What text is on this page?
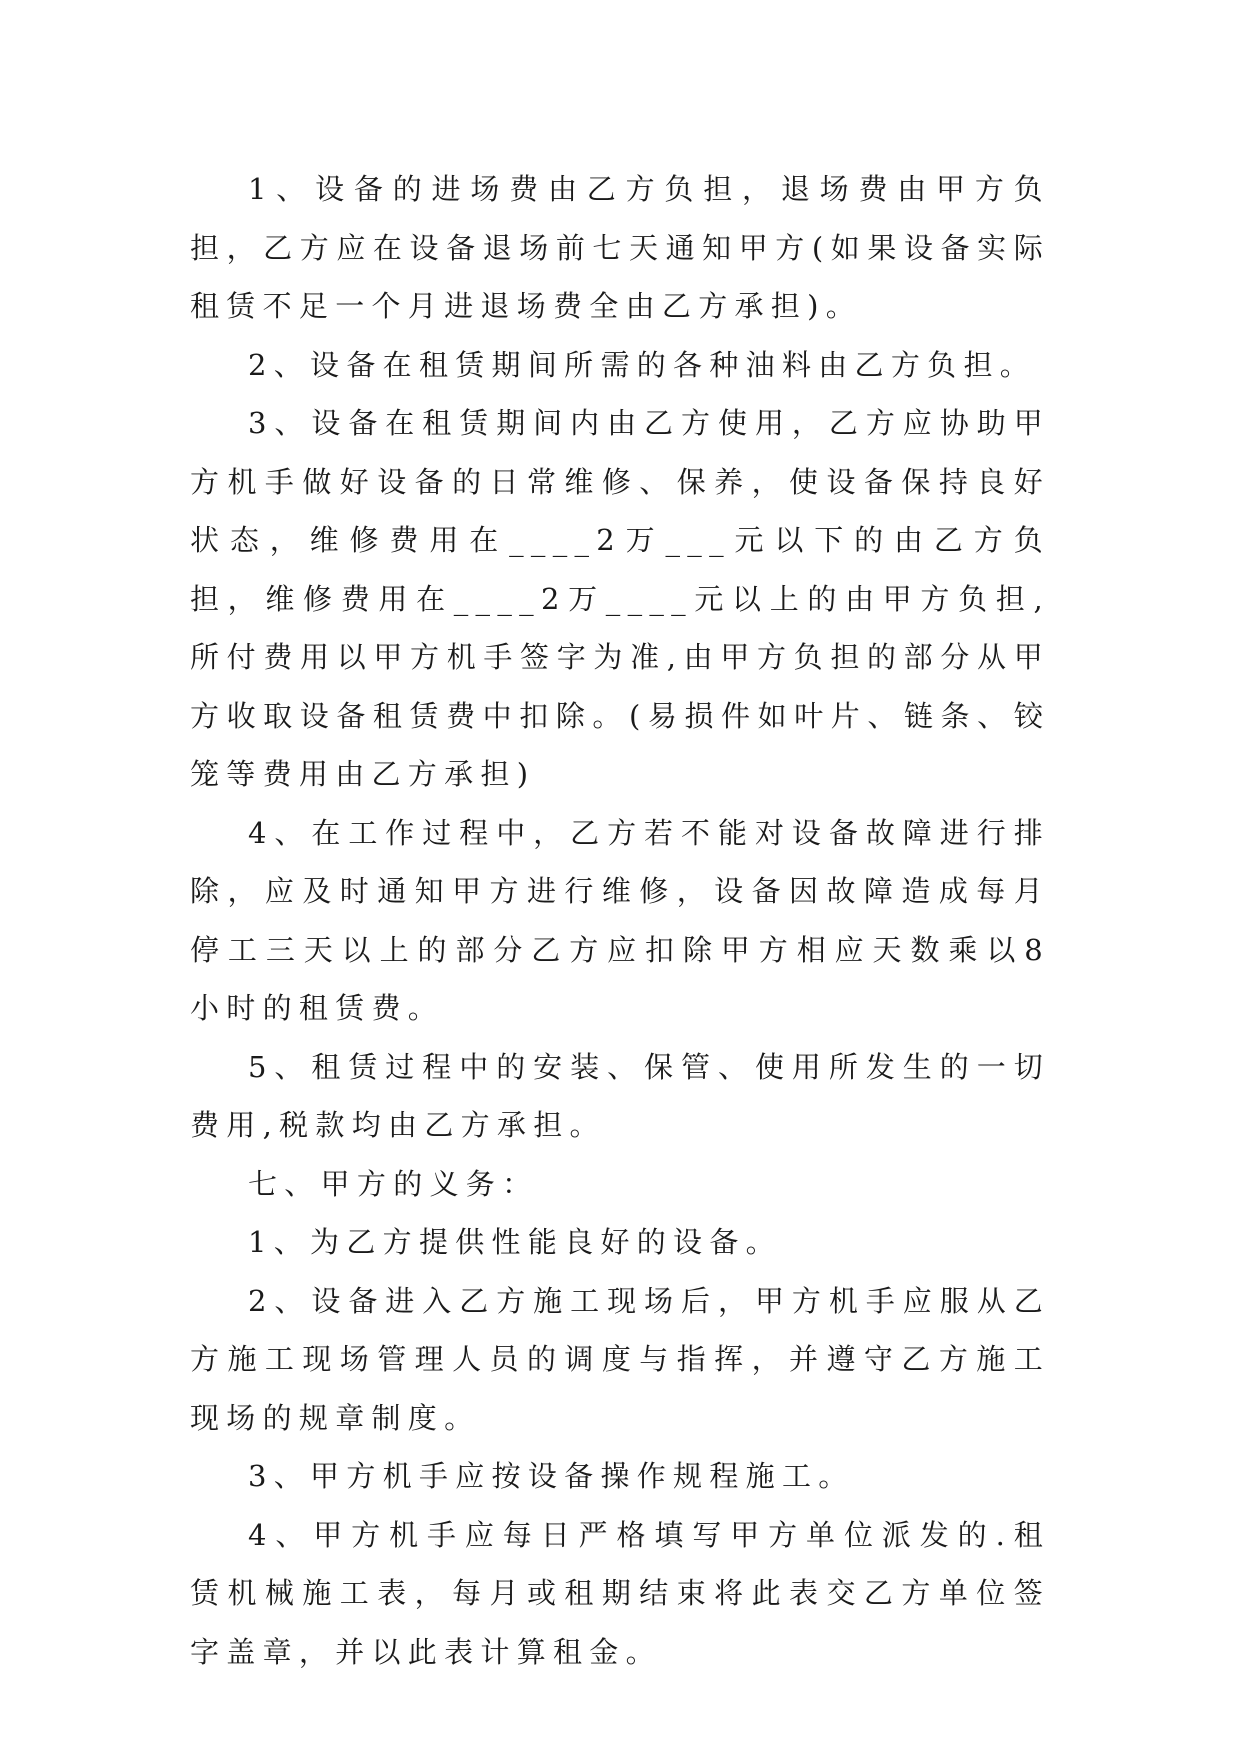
1、设备的进场费由乙方负担，退场费由甲方负担，乙方应在设备退场前七天通知甲方(如果设备实际租赁不足一个月进退场费全由乙方承担)。

2、设备在租赁期间所需的各种油料由乙方负担。

3、设备在租赁期间内由乙方使用，乙方应协助甲方机手做好设备的日常维修、保养，使设备保持良好状态，维修费用在____2万___元以下的由乙方负担，维修费用在____2万____元以上的由甲方负担,所付费用以甲方机手签字为准,由甲方负担的部分从甲方收取设备租赁费中扣除。(易损件如叶片、链条、铰笼等费用由乙方承担)

4、在工作过程中，乙方若不能对设备故障进行排除，应及时通知甲方进行维修，设备因故障造成每月停工三天以上的部分乙方应扣除甲方相应天数乘以8小时的租赁费。

5、租赁过程中的安装、保管、使用所发生的一切费用,税款均由乙方承担。

七、甲方的义务：

1、为乙方提供性能良好的设备。

2、设备进入乙方施工现场后，甲方机手应服从乙方施工现场管理人员的调度与指挥，并遵守乙方施工现场的规章制度。

3、甲方机手应按设备操作规程施工。

4、甲方机手应每日严格填写甲方单位派发的.租赁机械施工表，每月或租期结束将此表交乙方单位签字盖章，并以此表计算租金。
